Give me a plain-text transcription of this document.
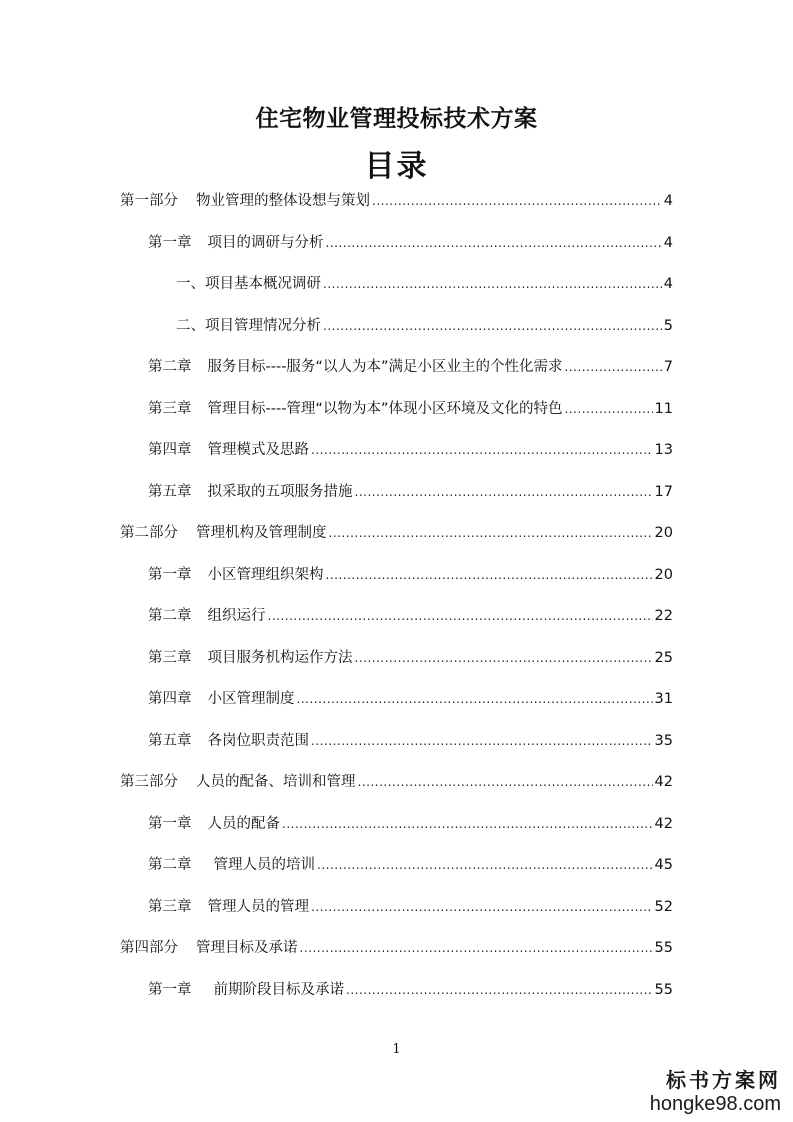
住宅物业管理投标技术方案
目录
第一部分 物业管理的整体设想与策划 .....	4
第一章 项目的调研与分析 .....	4
一、项目基本概况调研 .....	4
二、项目管理情况分析 .....	5
第二章 服务目标----服务“以人为本”满足小区业主的个性化需求 .....	7
第三章 管理目标----管理“以物为本”体现小区环境及文化的特色 .....	11
第四章 管理模式及思路 .....	13
第五章 拟采取的五项服务措施 .....	17
第二部分 管理机构及管理制度 .....	20
第一章 小区管理组织架构 .....	20
第二章 组织运行 .....	22
第三章 项目服务机构运作方法 .....	25
第四章 小区管理制度 .....	31
第五章 各岗位职责范围 .....	35
第三部分 人员的配备、培训和管理 .....	42
第一章 人员的配备 .....	42
第二章 管理人员的培训 .....	45
第三章 管理人员的管理 .....	52
第四部分 管理目标及承诺 .....	55
第一章 前期阶段目标及承诺 .....	55
1
标书方案网
hongke98.com
